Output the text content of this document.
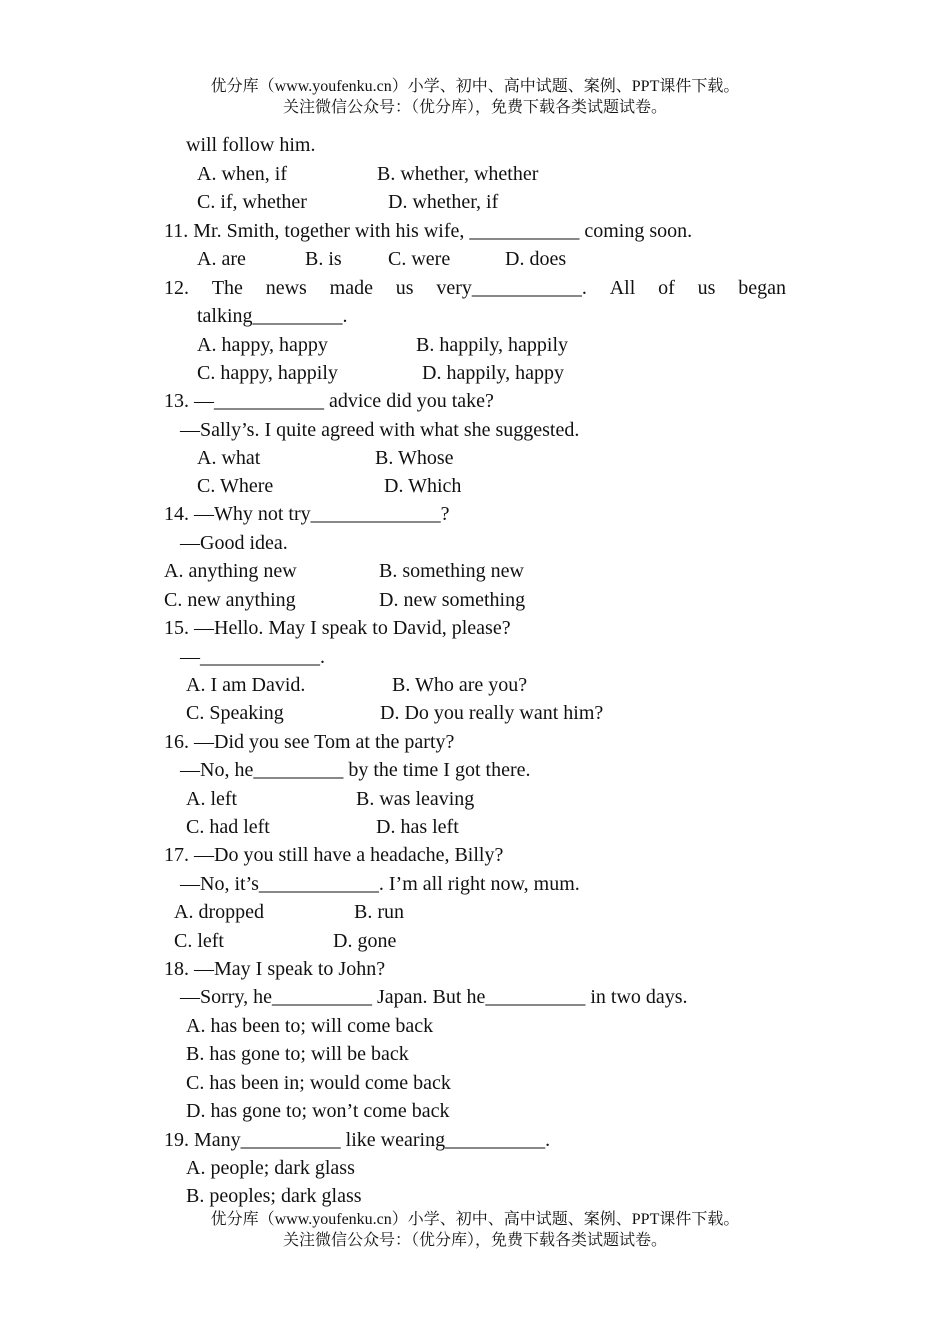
优分库（www.youfenku.cn）小学、初中、高中试题、案例、PPT课件下载。
关注微信公众号：（优分库），免费下载各类试题试卷。
will follow him.
A. when, if	B. whether, whether
C. if, whether	D. whether, if
11. Mr. Smith, together with his wife, ___________ coming soon.
A. are	B. is C. were	D. does
12. The news made us very___________. All of us began
talking_________.
A. happy, happy	B. happily, happily
C. happy, happily	D. happily, happy
13. —___________ advice did you take?
—Sally’s. I quite agreed with what she suggested.
A. what	B. Whose
C. Where	D. Which
14. —Why not try_____________?
—Good idea.
A. anything new	B. something new
C. new anything	D. new something
15. —Hello. May I speak to David, please?
—____________.
A. I am David.	B. Who are you?
C. Speaking	D. Do you really want him?
16. —Did you see Tom at the party?
—No, he_________ by the time I got there.
A. left	B. was leaving
C. had left	D. has left
17. —Do you still have a headache, Billy?
—No, it’s____________. I’m all right now, mum.
A. dropped	B. run
C. left	D. gone
18. —May I speak to John?
—Sorry, he__________ Japan. But he__________ in two days.
A. has been to; will come back
B. has gone to; will be back
C. has been in; would come back
D. has gone to; won’t come back
19. Many__________ like wearing__________.
A. people; dark glass
B. peoples; dark glass
优分库（www.youfenku.cn）小学、初中、高中试题、案例、PPT课件下载。
关注微信公众号：（优分库），免费下载各类试题试卷。
